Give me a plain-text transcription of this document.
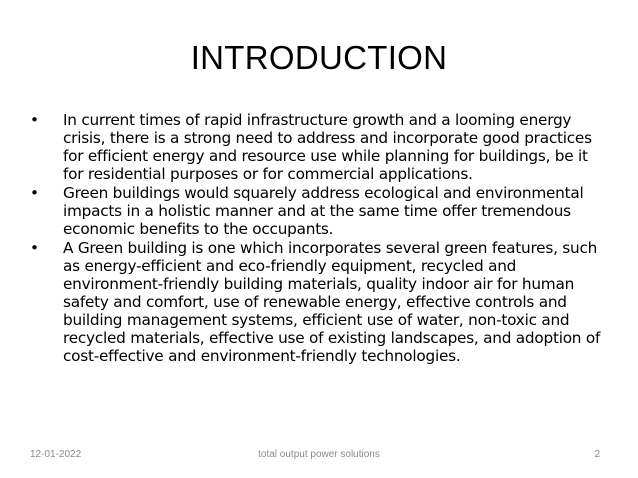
INTRODUCTION
•	In current times of rapid infrastructure growth and a looming energy crisis, there is a strong need to address and incorporate good practices for efficient energy and resource use while planning for buildings, be it for residential purposes or for commercial applications.
•	Green buildings would squarely address ecological and environmental impacts in a holistic manner and at the same time offer tremendous economic benefits to the occupants.
•	A Green building is one which incorporates several green features, such as energy-efficient and eco-friendly equipment, recycled and environment-friendly building materials, quality indoor air for human safety and comfort, use of renewable energy, effective controls and building management systems, efficient use of water, non-toxic and recycled materials, effective use of existing landscapes, and adoption of cost-effective and environment-friendly technologies.
12-01-2022	total output power solutions	2
